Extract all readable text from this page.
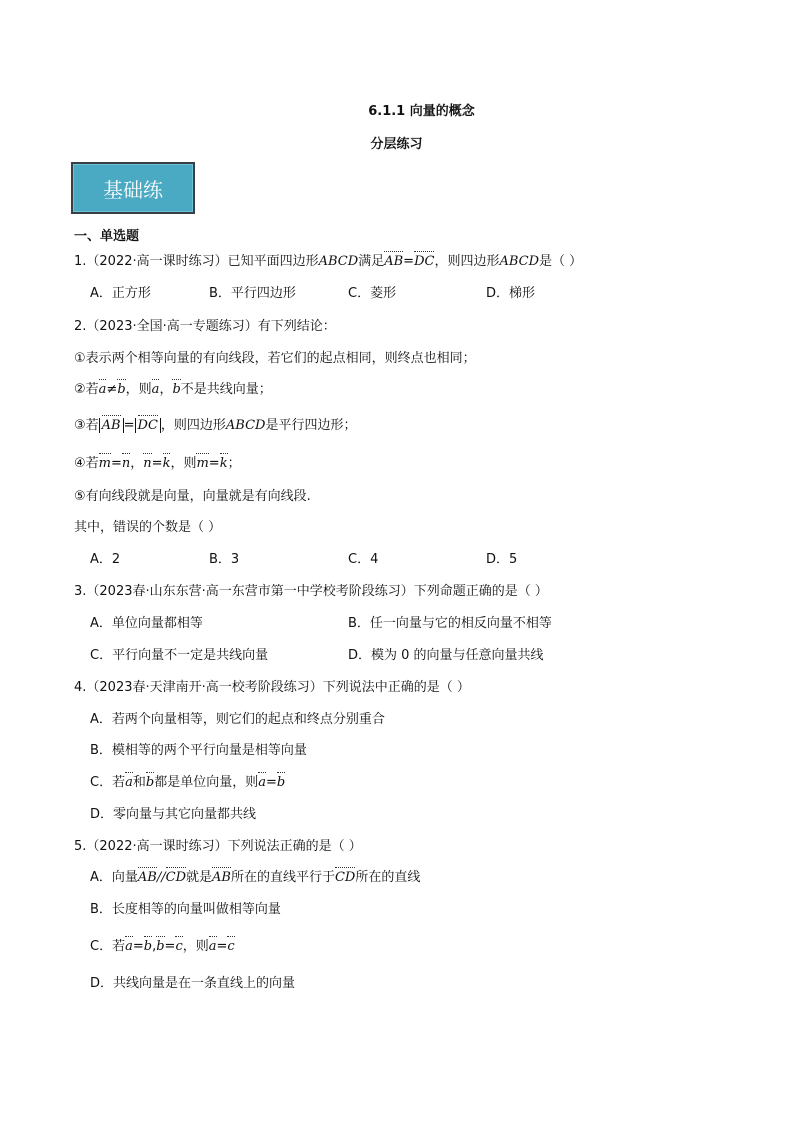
6.1.1 向量的概念
分层练习
基础练
一、单选题
1.（2022·高一课时练习）已知平面四边形ABCD满足AB=DC，则四边形ABCD是（ ）
A．正方形	B．平行四边形	C．菱形	D．梯形
2.（2023·全国·高一专题练习）有下列结论：
①表示两个相等向量的有向线段，若它们的起点相同，则终点也相同；
②若a≠b，则a，b不是共线向量；
③若 AB = DC ，则四边形ABCD是平行四边形；
④若m=n，n=k，则m=k；
⑤有向线段就是向量，向量就是有向线段.
其中，错误的个数是（ ）
A．2	B．3	C．4	D．5
3.（2023春·山东东营·高一东营市第一中学校考阶段练习）下列命题正确的是（ ）
A．单位向量都相等	B．任一向量与它的相反向量不相等
C．平行向量不一定是共线向量	D．模为 0 的向量与任意向量共线
4.（2023春·天津南开·高一校考阶段练习）下列说法中正确的是（ ）
A．若两个向量相等，则它们的起点和终点分别重合
B．模相等的两个平行向量是相等向量
C．若a和b都是单位向量，则a=b
D．零向量与其它向量都共线
5.（2022·高一课时练习）下列说法正确的是（ ）
A．向量AB//CD就是AB所在的直线平行于CD所在的直线
B．长度相等的向量叫做相等向量
C．若a=b,b=c，则a=c
D．共线向量是在一条直线上的向量
